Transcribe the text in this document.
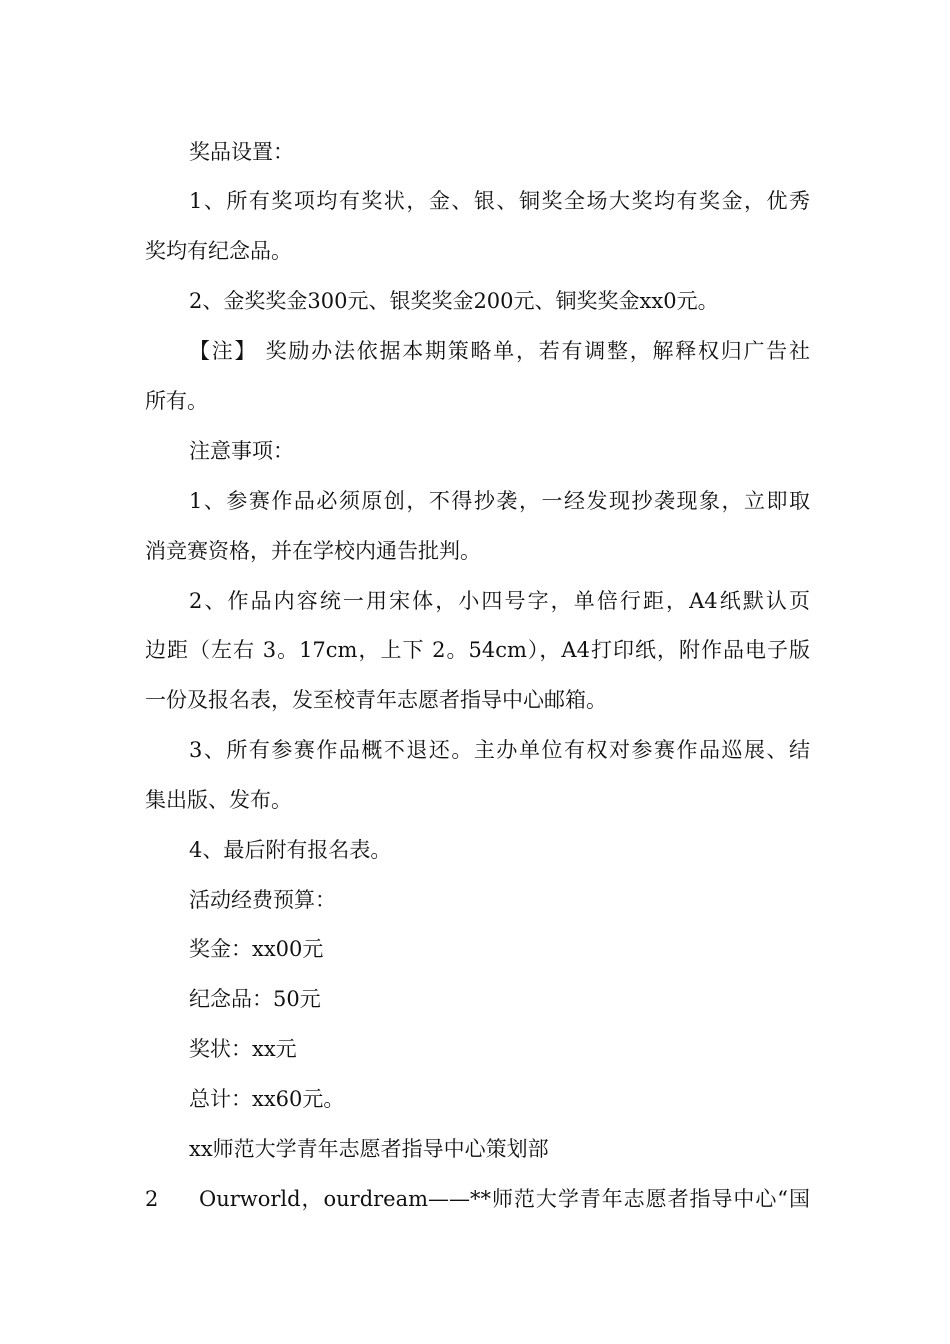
奖品设置：
1、所有奖项均有奖状，金、银、铜奖全场大奖均有奖金，优秀
奖均有纪念品。
2、金奖奖金300元、银奖奖金200元、铜奖奖金xx0元。
【注】 奖励办法依据本期策略单，若有调整，解释权归广告社
所有。
注意事项：
1、参赛作品必须原创，不得抄袭，一经发现抄袭现象，立即取
消竞赛资格，并在学校内通告批判。
2、作品内容统一用宋体，小四号字，单倍行距，A4纸默认页
边距（左右 3。17cm，上下 2。54cm），A4打印纸，附作品电子版
一份及报名表，发至校青年志愿者指导中心邮箱。
3、所有参赛作品概不退还。主办单位有权对参赛作品巡展、结
集出版、发布。
4、最后附有报名表。
活动经费预算：
奖金：xx00元
纪念品：50元
奖状：xx元
总计：xx60元。
xx师范大学青年志愿者指导中心策划部
2	Ourworld，ourdream——**师范大学青年志愿者指导中心“国
